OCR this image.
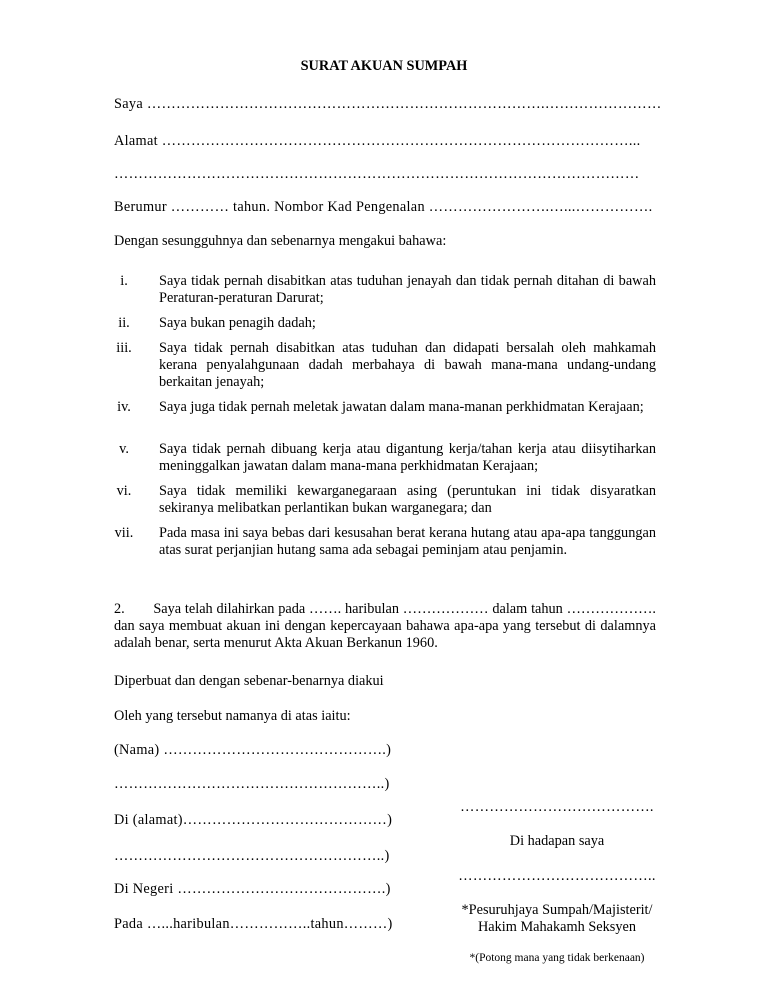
SURAT AKUAN SUMPAH
Saya ……………………………………………………………………….……………………
Alamat ……………………………………………………………………………………...
………………………………………………………………………………………………
Berumur ………… tahun. Nombor Kad Pengenalan …………………….…...…………….
Dengan sesungguhnya dan sebenarnya mengakui bahawa:
i.	Saya tidak pernah disabitkan atas tuduhan jenayah dan tidak pernah ditahan di bawah Peraturan-peraturan Darurat;
ii.	Saya bukan penagih dadah;
iii.	Saya tidak pernah disabitkan atas tuduhan dan didapati bersalah oleh mahkamah kerana penyalahgunaan dadah merbahaya di bawah mana-mana undang-undang berkaitan jenayah;
iv.	Saya juga tidak pernah meletak jawatan dalam mana-manan perkhidmatan Kerajaan;
v.	Saya tidak pernah dibuang kerja atau digantung kerja/tahan kerja atau diisytiharkan meninggalkan jawatan dalam mana-mana perkhidmatan Kerajaan;
vi.	Saya tidak memiliki kewarganegaraan asing (peruntukan ini tidak disyaratkan sekiranya melibatkan perlantikan bukan warganegara; dan
vii.	Pada masa ini saya bebas dari kesusahan berat kerana hutang atau apa-apa tanggungan atas surat perjanjian hutang sama ada sebagai peminjam atau penjamin.
2.  Saya telah dilahirkan pada ……. haribulan ……………… dalam tahun ………………. dan saya membuat akuan ini dengan kepercayaan bahawa apa-apa yang tersebut di dalamnya adalah benar, serta menurut Akta Akuan Berkanun 1960.
Diperbuat dan dengan sebenar-benarnya diakui
Oleh yang tersebut namanya di atas iaitu:
(Nama) ……………………………………….)
………………………………………………..)
Di (alamat)……………………………………)
………………………………………………..)
Di Negeri …………………………………….)
Pada …...haribulan……………..tahun………)
………………………………….
Di hadapan saya
…………………………………..
*Pesuruhjaya Sumpah/Majisterit/
Hakim Mahakamh Seksyen
*(Potong mana yang tidak berkenaan)
